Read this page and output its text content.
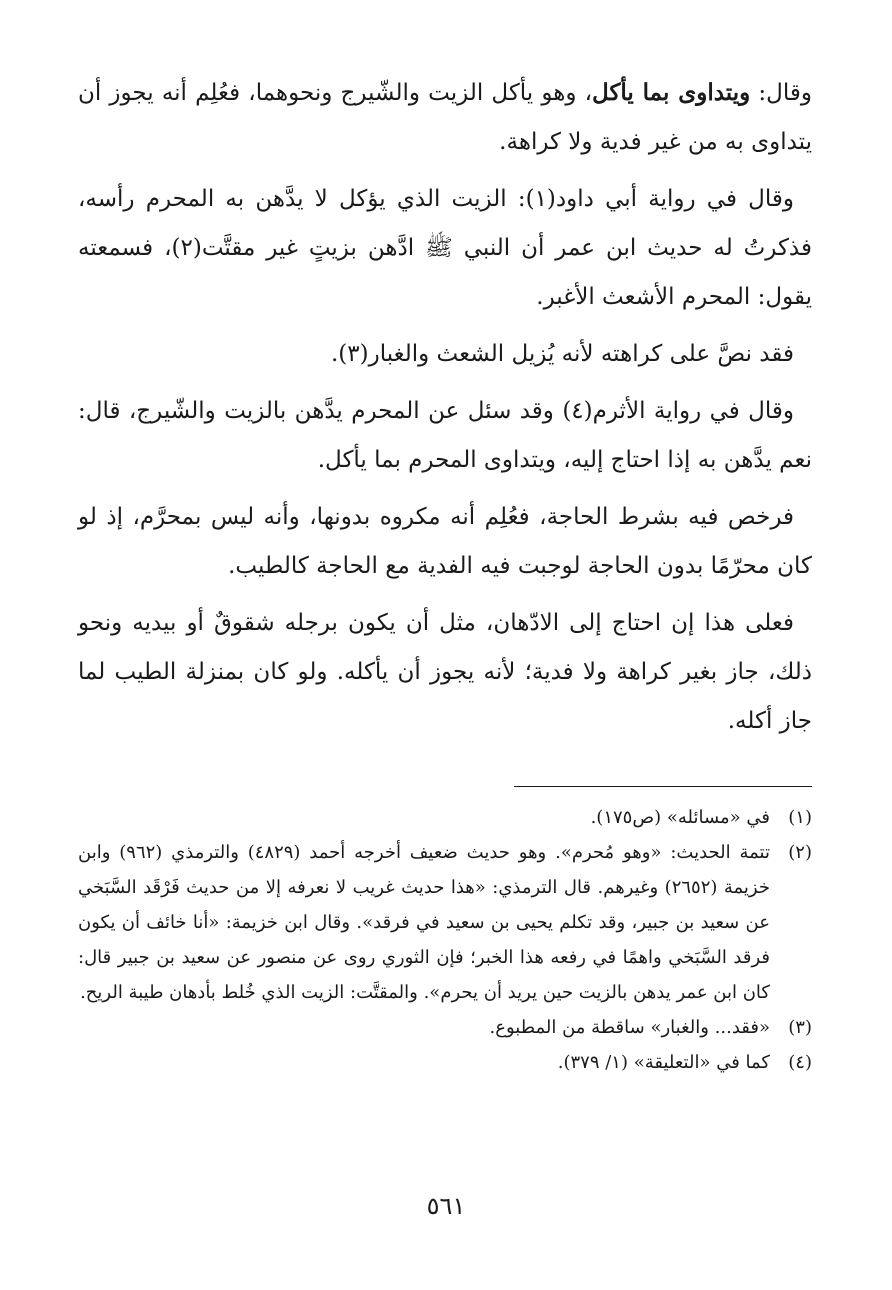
وقال: ويتداوى بما يأكل، وهو يأكل الزيت والشّيرج ونحوهما، فعُلِم أنه يجوز أن يتداوى به من غير فدية ولا كراهة.

وقال في رواية أبي داود(١): الزيت الذي يؤكل لا يدَّهن به المحرم رأسه، فذكرتُ له حديث ابن عمر أن النبي ﷺ ادَّهن بزيتٍ غير مقتَّت(٢)، فسمعته يقول: المحرم الأشعث الأغبر.

فقد نصَّ على كراهته لأنه يُزيل الشعث والغبار(٣).

وقال في رواية الأثرم(٤) وقد سئل عن المحرم يدَّهن بالزيت والشّيرج، قال: نعم يدَّهن به إذا احتاج إليه، ويتداوى المحرم بما يأكل.

فرخص فيه بشرط الحاجة، فعُلِم أنه مكروه بدونها، وأنه ليس بمحرَّم، إذ لو كان محرّمًا بدون الحاجة لوجبت فيه الفدية مع الحاجة كالطيب.

فعلى هذا إن احتاج إلى الادّهان، مثل أن يكون برجله شقوقٌ أو بيديه ونحو ذلك، جاز بغير كراهة ولا فدية؛ لأنه يجوز أن يأكله. ولو كان بمنزلة الطيب لما جاز أكله.

(١)
في «مسائله» (ص١٧٥).
(٢)
تتمة الحديث: «وهو مُحرم». وهو حديث ضعيف أخرجه أحمد (٤٨٢٩) والترمذي (٩٦٢) وابن خزيمة (٢٦٥٢) وغيرهم. قال الترمذي: «هذا حديث غريب لا نعرفه إلا من حديث فَرْقَد السَّبَخي عن سعيد بن جبير، وقد تكلم يحيى بن سعيد في فرقد». وقال ابن خزيمة: «أنا خائف أن يكون فرقد السَّبَخي واهمًا في رفعه هذا الخبر؛ فإن الثوري روى عن منصور عن سعيد بن جبير قال: كان ابن عمر يدهن بالزيت حين يريد أن يحرم». والمقتَّت: الزيت الذي خُلط بأدهان طيبة الريح.
(٣)
«فقد... والغبار» ساقطة من المطبوع.
(٤)
كما في «التعليقة» (١/ ٣٧٩).
٥٦١
